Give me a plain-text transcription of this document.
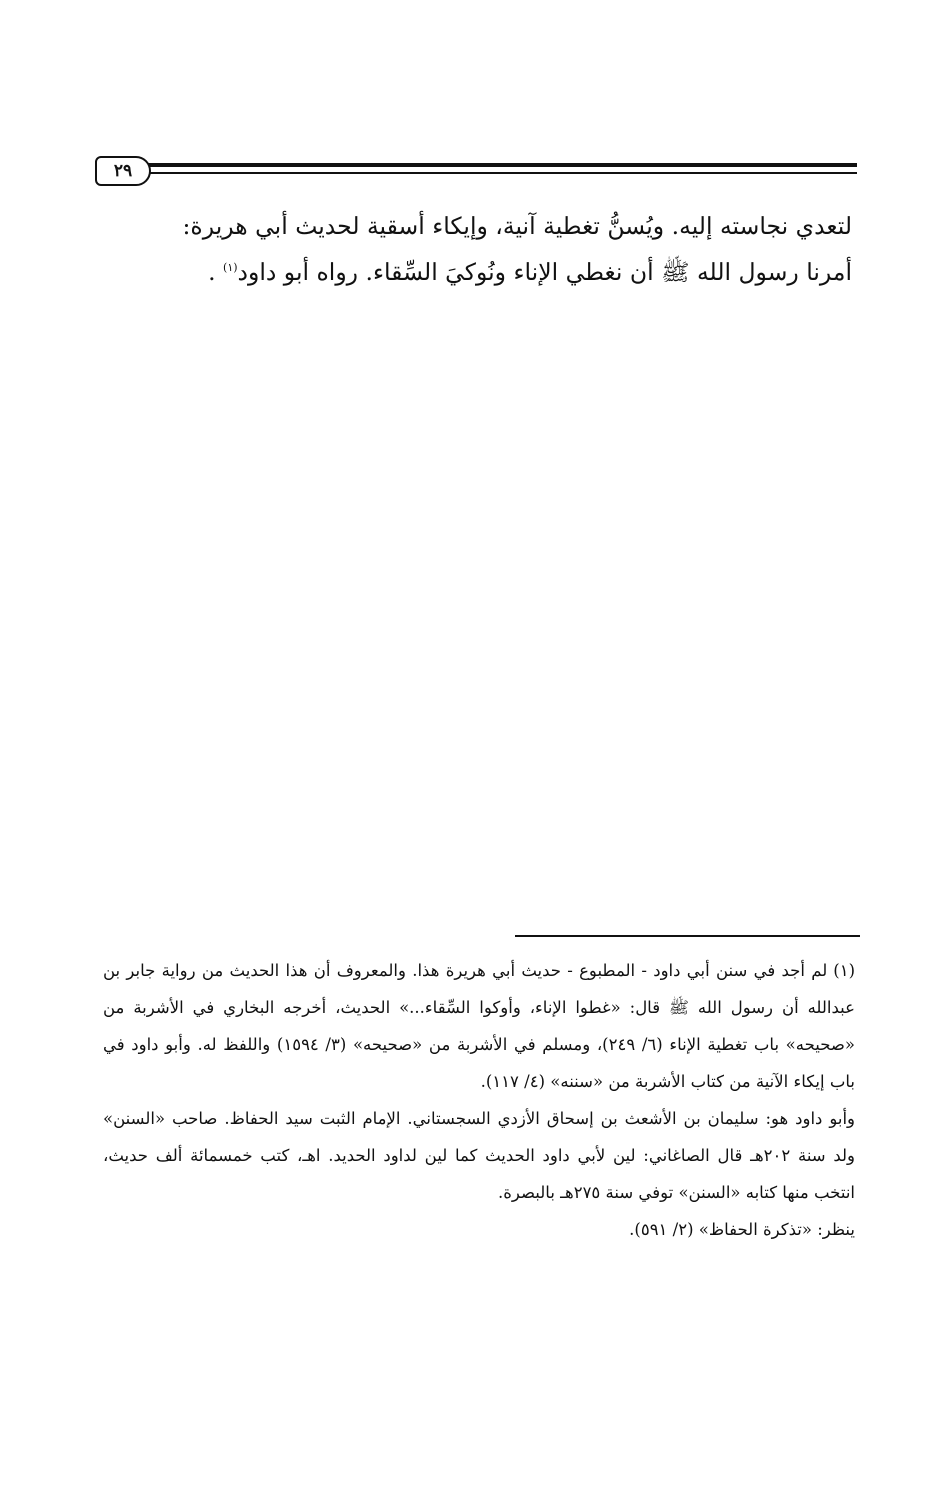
٢٩

لتعدي نجاسته إليه. ويُسنُّ تغطية آنية، وإيكاء أسقية لحديث أبي هريرة:

أمرنا رسول الله ﷺ أن نغطي الإناء ونُوكيَ السِّقاء. رواه أبو داود$^{(١)}$ .

(١)لم أجد في سنن أبي داود - المطبوع - حديث أبي هريرة هذا. والمعروف أن هذا الحديث من رواية جابر بن عبدالله أن رسول الله ﷺ قال: «غطوا الإناء، وأوكوا السِّقاء...» الحديث، أخرجه البخاري في الأشربة من «صحيحه» باب تغطية الإناء (٦/ ٢٤٩)، ومسلم في الأشربة من «صحيحه» (٣/ ١٥٩٤) واللفظ له. وأبو داود في باب إيكاء الآنية من كتاب الأشربة من «سننه» (٤/ ١١٧).

وأبو داود هو: سليمان بن الأشعث بن إسحاق الأزدي السجستاني. الإمام الثبت سيد الحفاظ. صاحب «السنن» ولد سنة ٢٠٢هـ قال الصاغاني: لين لأبي داود الحديث كما لين لداود الحديد. اهـ، كتب خمسمائة ألف حديث، انتخب منها كتابه «السنن» توفي سنة ٢٧٥هـ بالبصرة.

ينظر: «تذكرة الحفاظ» (٢/ ٥٩١).
